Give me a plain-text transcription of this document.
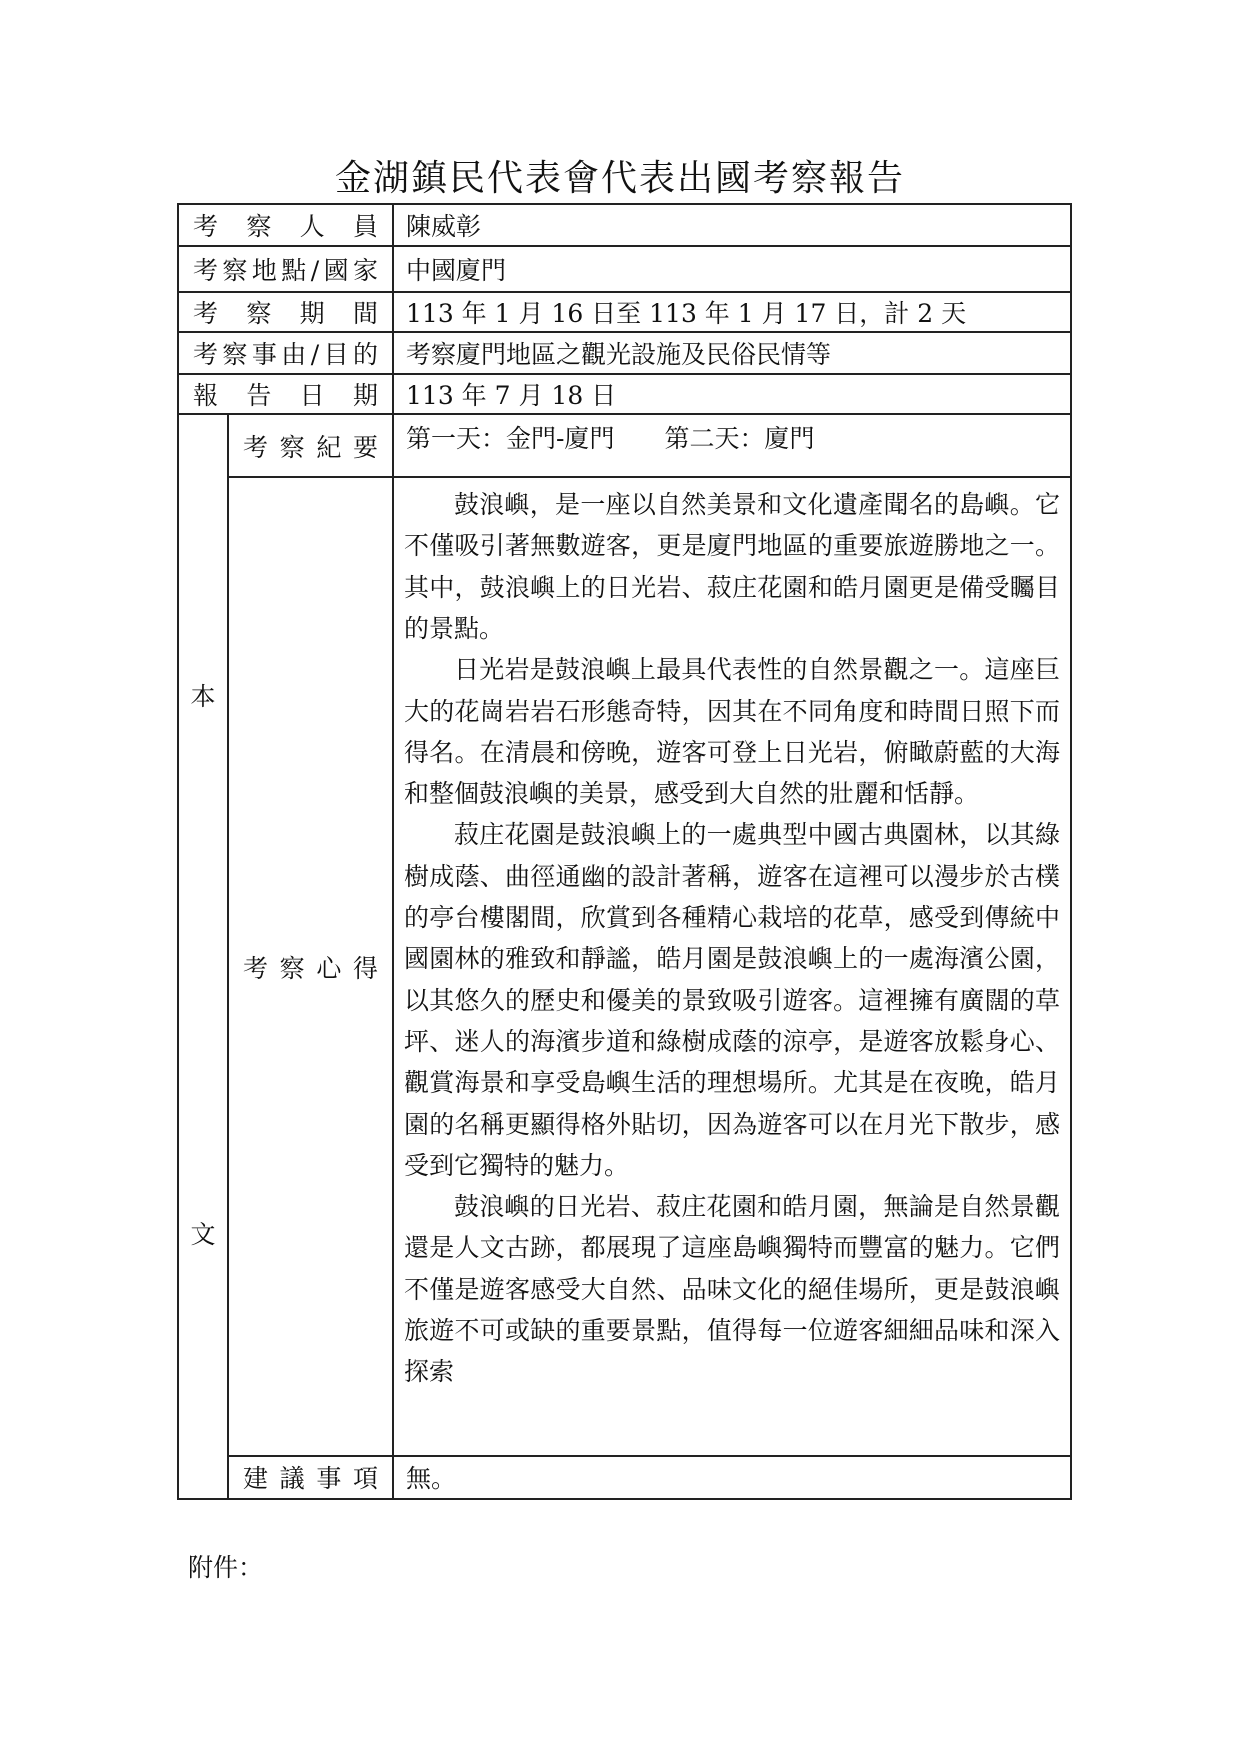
金湖鎮民代表會代表出國考察報告
考察人員		陳威彰
考察地點/國家		中國廈門
考察期間		113 年 1 月 16 日至 113 年 1 月 17 日，計 2 天
考察事由/目的		考察廈門地區之觀光設施及民俗民情等
報告日期		113 年 7 月 18 日

本
文	考察紀要	第一天：金門-廈門　　第二天：廈門
	考察心得	鼓浪嶼，是一座以自然美景和文化遺產聞名的島嶼。它不僅吸引著無數遊客，更是廈門地區的重要旅遊勝地之一。其中，鼓浪嶼上的日光岩、菽庄花園和皓月園更是備受矚目的景點。

日光岩是鼓浪嶼上最具代表性的自然景觀之一。這座巨大的花崗岩岩石形態奇特，因其在不同角度和時間日照下而得名。在清晨和傍晚，遊客可登上日光岩，俯瞰蔚藍的大海和整個鼓浪嶼的美景，感受到大自然的壯麗和恬靜。

菽庄花園是鼓浪嶼上的一處典型中國古典園林，以其綠樹成蔭、曲徑通幽的設計著稱，遊客在這裡可以漫步於古樸的亭台樓閣間，欣賞到各種精心栽培的花草，感受到傳統中國園林的雅致和靜謐，皓月園是鼓浪嶼上的一處海濱公園，以其悠久的歷史和優美的景致吸引遊客。這裡擁有廣闊的草坪、迷人的海濱步道和綠樹成蔭的涼亭，是遊客放鬆身心、觀賞海景和享受島嶼生活的理想場所。尤其是在夜晚，皓月園的名稱更顯得格外貼切，因為遊客可以在月光下散步，感受到它獨特的魅力。

鼓浪嶼的日光岩、菽庄花園和皓月園，無論是自然景觀還是人文古跡，都展現了這座島嶼獨特而豐富的魅力。它們不僅是遊客感受大自然、品味文化的絕佳場所，更是鼓浪嶼旅遊不可或缺的重要景點，值得每一位遊客細細品味和深入探索

	建議事項	無。
附件：
